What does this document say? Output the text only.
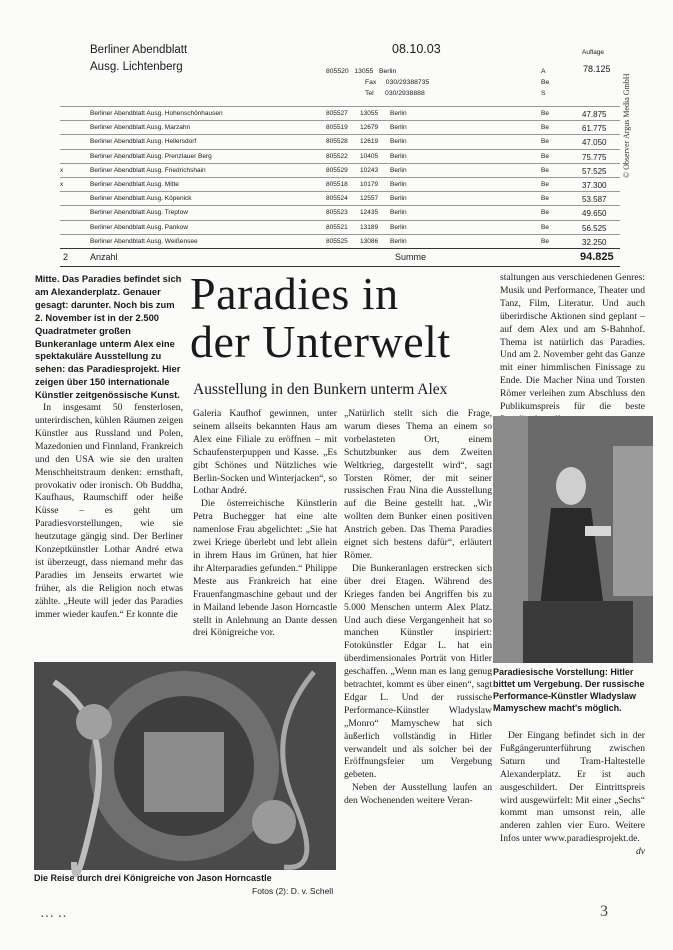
Berliner Abendblatt
Ausg. Lichtenberg
08.10.03	Auflage
805520 13055 Berlin
Fax 030/29388735
Tel 030/2938888
A
Be
S
78.125
© Observer Argus Media GmbH
Berliner Abendblatt Ausg. Hohenschönhausen	805527 13055 Berlin	Be	47.875
Berliner Abendblatt Ausg. Marzahn	805519 12679 Berlin	Be	61.775
Berliner Abendblatt Ausg. Hellersdorf	805528 12619 Berlin	Be	47.050
Berliner Abendblatt Ausg. Prenzlauer Berg	805522 10405 Berlin	Be	75.775
x	Berliner Abendblatt Ausg. Friedrichshain	805529 10243 Berlin	Be	57.525
x	Berliner Abendblatt Ausg. Mitte	805518 10179 Berlin	Be	37.300
Berliner Abendblatt Ausg. Köpenick	805524 12557 Berlin	Be	53.587
Berliner Abendblatt Ausg. Treptow	805523 12435 Berlin	Be	49.650
Berliner Abendblatt Ausg. Pankow	805521 13189 Berlin	Be	56.525
Berliner Abendblatt Ausg. Weißensee	805525 13086 Berlin	Be	32.250
2 Anzahl	Summe	94.825
Paradies in
der Unterwelt
Ausstellung in den Bunkern unterm Alex

Mitte. Das Paradies befindet sich am Alexanderplatz. Genauer gesagt: darunter. Noch bis zum 2. November ist in der 2.500 Quadratmeter großen Bunkeranlage unterm Alex eine spektakuläre Ausstellung zu sehen: das Paradiesprojekt. Hier zeigen über 150 internationale Künstler zeitgenössische Kunst.

In insgesamt 50 fensterlosen, unterirdischen, kühlen Räumen zeigen Künstler aus Russland und Polen, Mazedonien und Finnland, Frankreich und den USA wie sie den uralten Menschheitstraum denken: ernsthaft, provokativ oder ironisch. Ob Buddha, Kaufhaus, Raumschiff oder heiße Küsse – es geht um Paradiesvorstellungen, wie sie heutzutage gängig sind. Der Berliner Konzeptkünstler Lothar André etwa ist überzeugt, dass niemand mehr das Paradies im Jenseits erwartet wie früher, als die Religion noch etwas zählte. „Heute will jeder das Paradies immer wieder kaufen.“ Er konnte die

Galeria Kaufhof gewinnen, unter seinem allseits bekannten Haus am Alex eine Filiale zu eröffnen – mit Schaufensterpuppen und Kasse. „Es gibt Schönes und Nützliches wie Berlin-Socken und Winterjacken“, so Lothar André.

Die österreichische Künstlerin Petra Buchegger hat eine alte namenlose Frau abgelichtet: „Sie hat zwei Kriege überlebt und lebt allein in ihrem Haus im Grünen, hat hier ihr Alterparadies gefunden.“ Philippe Meste aus Frankreich hat eine Frauenfangmaschine gebaut und der in Mailand lebende Jason Horncastle stellt in Anlehnung an Dante dessen drei Königreiche vor.

„Natürlich stellt sich die Frage, warum dieses Thema an einem so vorbelasteten Ort, einem Schutzbunker aus dem Zweiten Weltkrieg, dargestellt wird“, sagt Torsten Römer, der mit seiner russischen Frau Nina die Ausstellung auf die Beine gestellt hat. „Wir wollten dem Bunker einen positiven Anstrich geben. Das Thema Paradies eignet sich bestens dafür“, erläutert Römer.

Die Bunkeranlagen erstrecken sich über drei Etagen. Während des Krieges fanden bei Angriffen bis zu 5.000 Menschen unterm Alex Platz. Und auch diese Vergangenheit hat so manchen Künstler inspiriert: Fotokünstler Edgar L. hat ein überdimensionales Porträt von Hitler geschaffen. „Wenn man es lang genug betrachtet, kommt es über einen“, sagt Edgar L. Und der russische Performance-Künstler Wladyslaw „Monro“ Mamyschew hat sich äußerlich vollständig in Hitler verwandelt und als solcher bei der Eröffnungsfeier um Vergebung gebeten.

Neben der Ausstellung laufen an den Wochenenden weitere Veran-

staltungen aus verschiedenen Genres: Musik und Performance, Theater und Tanz, Film, Literatur. Und auch überirdische Aktionen sind geplant – auf dem Alex und am S-Bahnhof. Thema ist natürlich das Paradies. Und am 2. November geht das Ganze mit einer himmlischen Finissage zu Ende. Die Macher Nina und Torsten Römer verleihen zum Abschluss den Publikumspreis für die beste

Der Eingang befindet sich in der Fußgängerunterführung zwischen Saturn und Tram-Haltestelle Alexanderplatz. Er ist auch ausgeschildert. Der Eintrittspreis wird ausgewürfelt: Mit einer „Sechs“ kommt man umsonst rein, alle anderen zahlen vier Euro. Weitere Infos unter www.paradiesprojekt.de.

dv

Paradiesische Vorstellung: Hitler bittet um Vergebung. Der russische Performance-Künstler Wladyslaw Mamyschew macht's möglich.
Die Reise durch drei Königreiche von Jason Horncastle
Fotos (2): D. v. Schell
… ‥	3
